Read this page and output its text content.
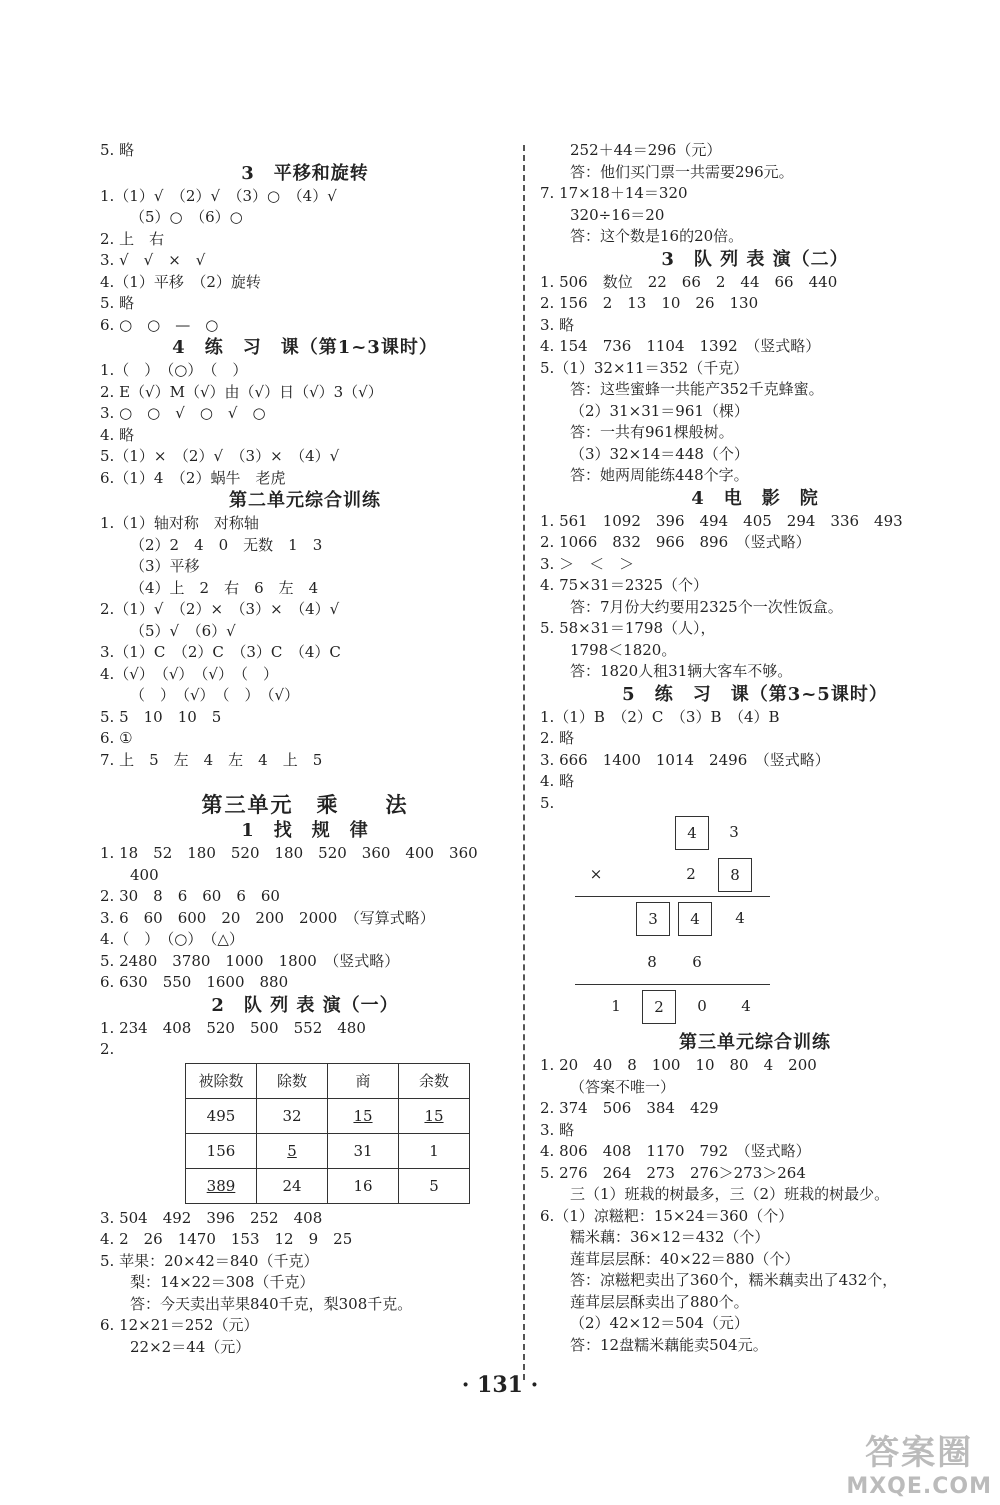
5. 略
3　平移和旋转
1.（1）√　（2）√　（3）○　（4）√
（5）○　（6）○
2. 上　右
3. √　√　×　√
4.（1）平移　（2）旋转
5. 略
6. ○　○　—　○
4　练　习　课（第1~3课时）
1.（　）　（○）　（　）
2. E（√）M（√）由（√）日（√）3（√）
3. ○　○　√　○　√　○
4. 略
5.（1）×　（2）√　（3）×　（4）√
6.（1）4　（2）蜗牛　老虎
第二单元综合训练
1.（1）轴对称　对称轴
（2）2　4　0　无数　1　3
（3）平移
（4）上　2　右　6　左　4
2.（1）√　（2）×　（3）×　（4）√
（5）√　（6）√
3.（1）C　（2）C　（3）C　（4）C
4.（√）　（√）　（√）　（　）
（　）　（√）　（　）　（√）
5. 5　10　10　5
6. ①
7. 上　5　左　4　左　4　上　5
第三单元　乘　　法
1　找　规　律
1. 18　52　180　520　180　520　360　400　360
400
2. 30　8　6　60　6　60
3. 6　60　600　20　200　2000　（写算式略）
4.（　）　（○）　（△）
5. 2480　3780　1000　1800　（竖式略）
6. 630　550　1600　880
2　队 列 表 演（一）
1. 234　408　520　500　552　480
2.
被除数	除数	商	余数
495	32	15	15
156	5	31	1
389	24	16	5
3. 504　492　396　252　408
4. 2　26　1470　153　12　9　25
5. 苹果：20×42＝840（千克）
梨：14×22＝308（千克）
答：今天卖出苹果840千克，梨308千克。
6. 12×21＝252（元）
22×2＝44（元）
252＋44＝296（元）
答：他们买门票一共需要296元。
7. 17×18＋14＝320
320÷16＝20
答：这个数是16的20倍。
3　队 列 表 演（二）
1. 506　数位　22　66　2　44　66　440
2. 156　2　13　10　26　130
3. 略
4. 154　736　1104　1392　（竖式略）
5.（1）32×11＝352（千克）
答：这些蜜蜂一共能产352千克蜂蜜。
（2）31×31＝961（棵）
答：一共有961棵般树。
（3）32×14＝448（个）
答：她两周能练448个字。
4　电　影　院
1. 561　1092　396　494　405　294　336　493
2. 1066　832　966　896　（竖式略）
3. ＞　＜　＞
4. 75×31＝2325（个）
答：7月份大约要用2325个一次性饭盒。
5. 58×31＝1798（人），
1798＜1820。
答：1820人租31辆大客车不够。
5　练　习　课（第3~5课时）
1.（1）B　（2）C　（3）B　（4）B
2. 略
3. 666　1400　1014　2496　（竖式略）
4. 略
5.
4	3
×	2	8
3	4	4
8	6
1	2	0	4
第三单元综合训练
1. 20　40　8　100　10　80　4　200
（答案不唯一）
2. 374　506　384　429
3. 略
4. 806　408　1170　792　（竖式略）
5. 276　264　273　276＞273＞264
三（1）班栽的树最多，三（2）班栽的树最少。
6.（1）凉糍粑：15×24＝360（个）
糯米藕：36×12＝432（个）
莲茸层层酥：40×22＝880（个）
答：凉糍粑卖出了360个，糯米藕卖出了432个，
莲茸层层酥卖出了880个。
（2）42×12＝504（元）
答：12盘糯米藕能卖504元。
· 131 ·
答案圈
MXQE.COM
